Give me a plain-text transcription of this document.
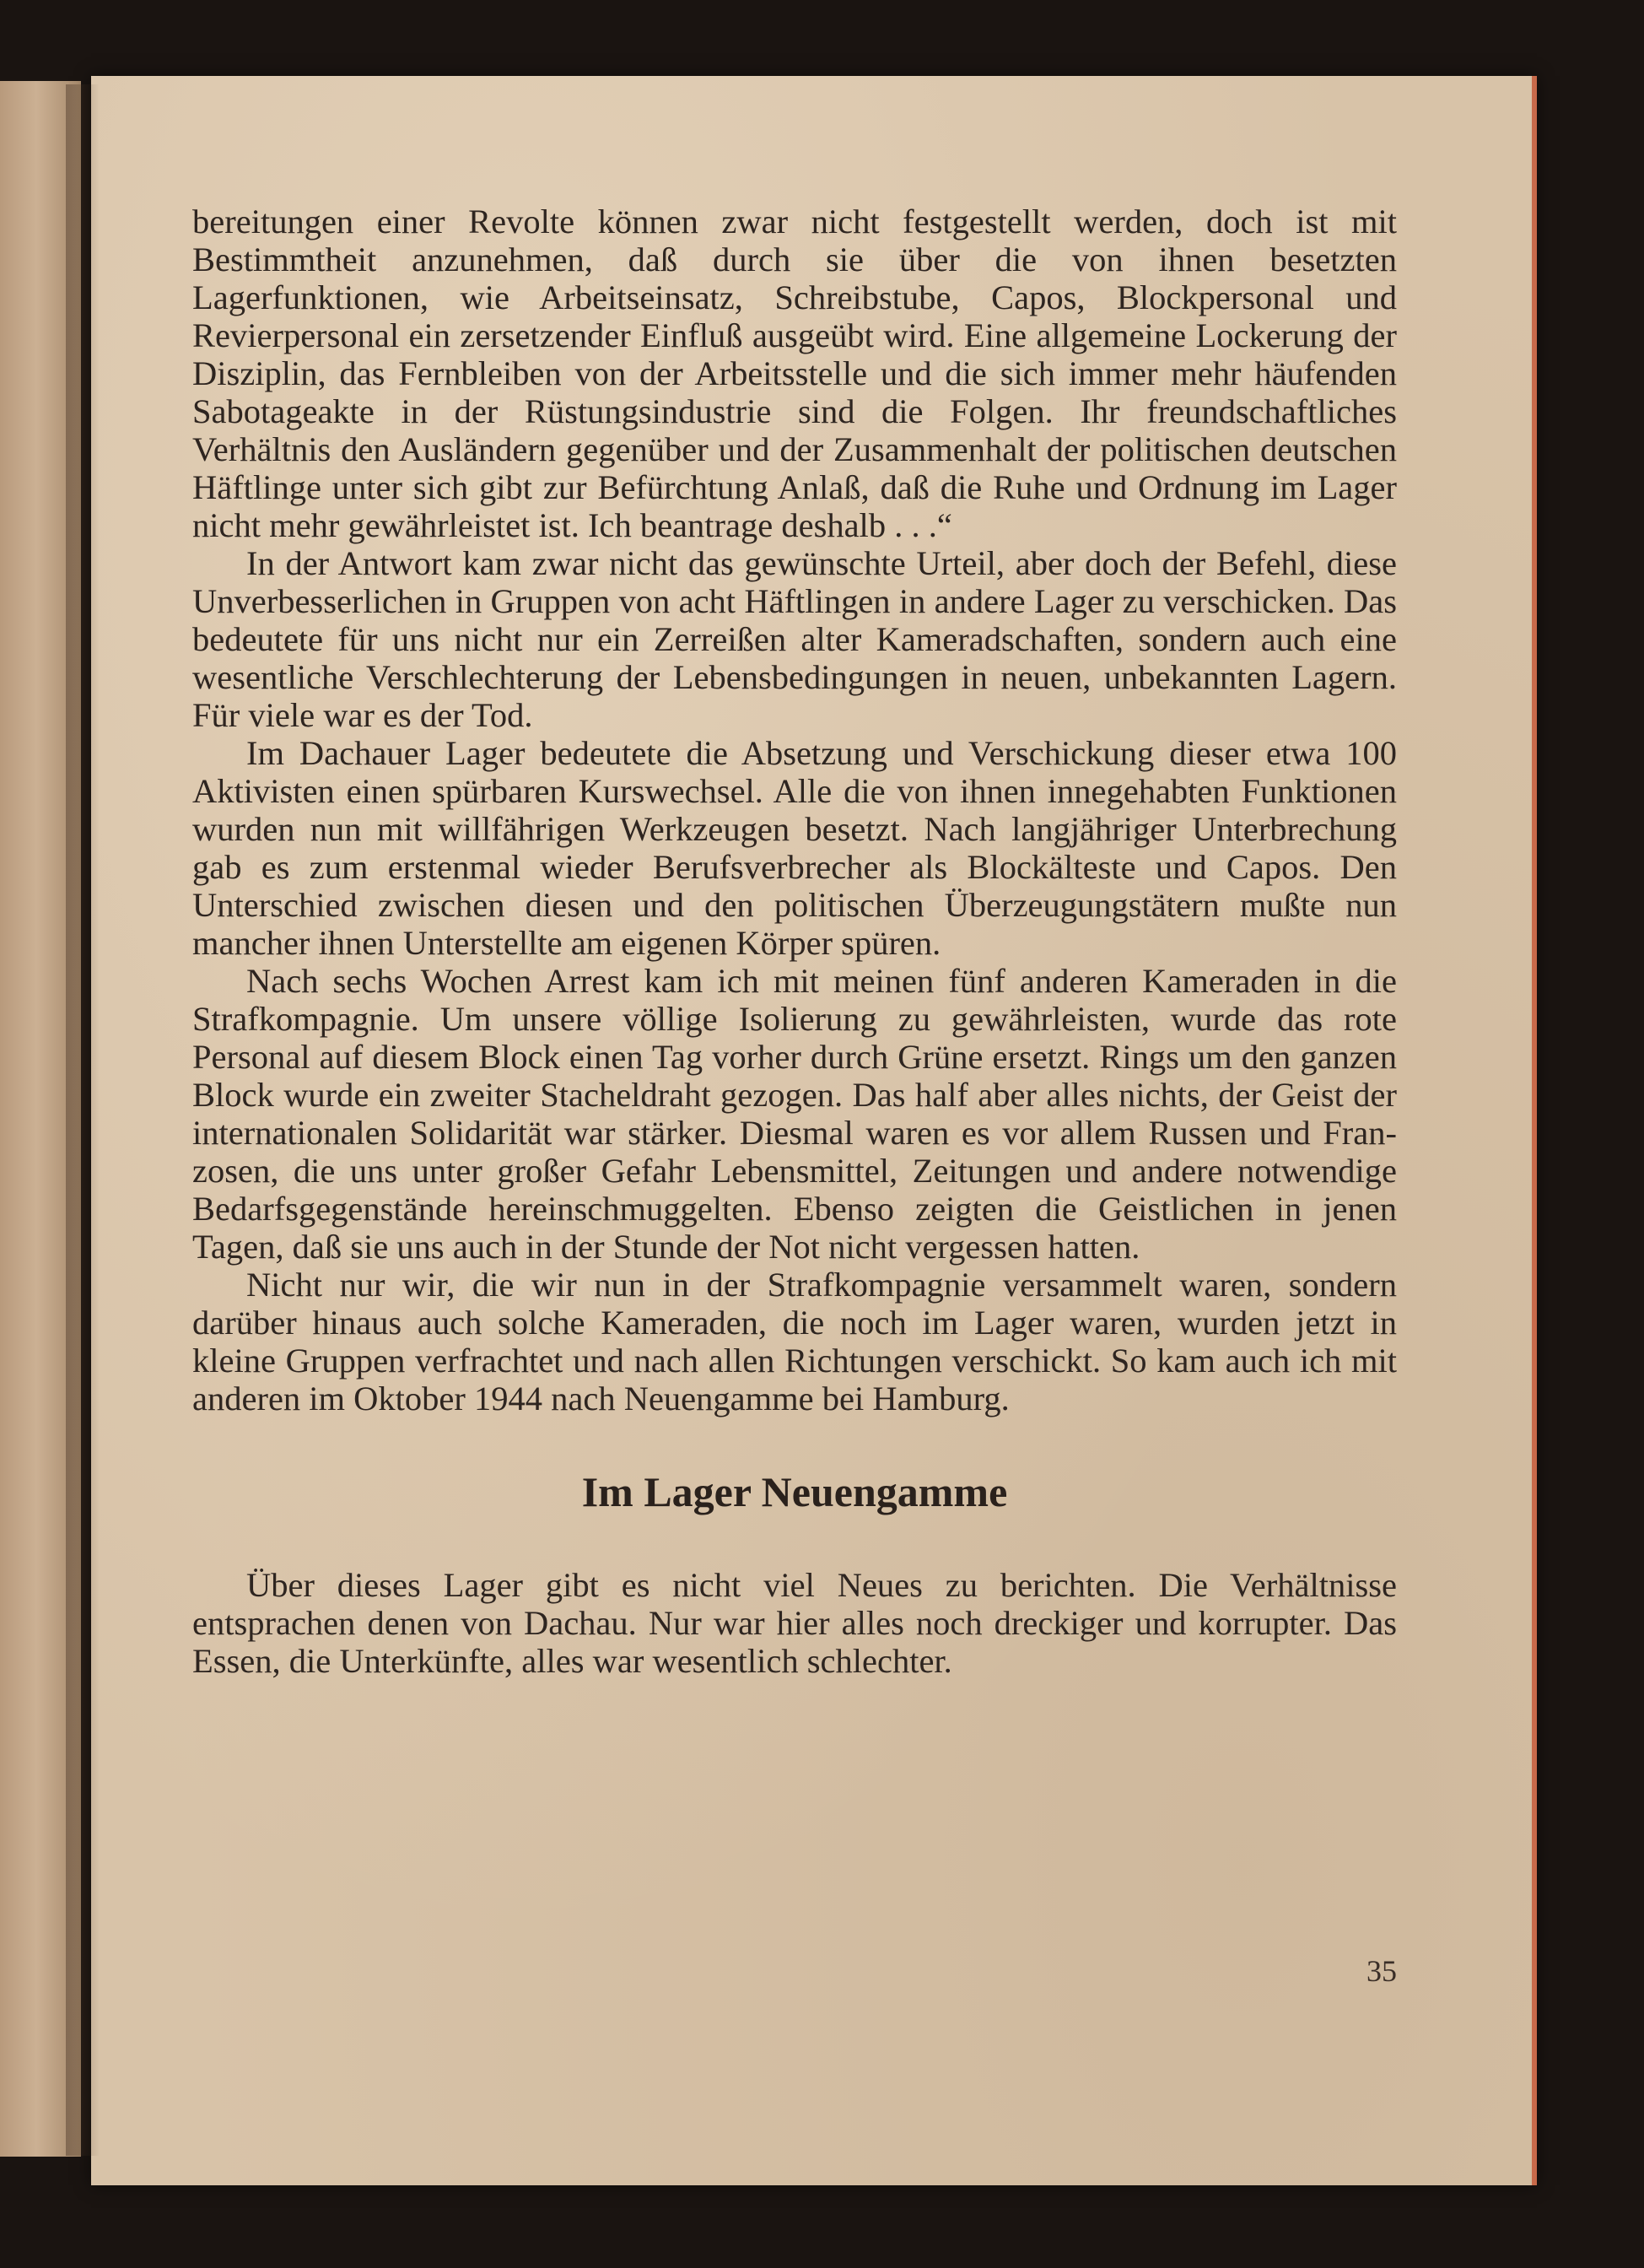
bereitungen einer Revolte können zwar nicht festgestellt werden, doch ist mit Bestimmtheit anzunehmen, daß durch sie über die von ihnen besetzten Lagerfunktionen, wie Arbeitseinsatz, Schreibstube, Capos, Blockpersonal und Revierpersonal ein zersetzender Einfluß ausgeübt wird. Eine allgemeine Lockerung der Disziplin, das Fernbleiben von der Arbeitsstelle und die sich immer mehr häufenden Sabotageakte in der Rüstungsindustrie sind die Folgen. Ihr freundschaftliches Verhältnis den Ausländern gegenüber und der Zusammenhalt der politischen deutschen Häftlinge unter sich gibt zur Befürchtung Anlaß, daß die Ruhe und Ordnung im Lager nicht mehr gewährleistet ist. Ich beantrage deshalb . . .“

In der Antwort kam zwar nicht das gewünschte Urteil, aber doch der Befehl, diese Unverbesserlichen in Gruppen von acht Häftlingen in andere Lager zu verschicken. Das bedeutete für uns nicht nur ein Zerreißen alter Kameradschaften, sondern auch eine wesentliche Verschlechterung der Lebensbedingungen in neuen, unbekannten Lagern. Für viele war es der Tod.

Im Dachauer Lager bedeutete die Absetzung und Verschickung dieser etwa 100 Aktivisten einen spürbaren Kurswechsel. Alle die von ihnen innegehabten Funktionen wurden nun mit willfährigen Werkzeugen besetzt. Nach langjähriger Unterbrechung gab es zum erstenmal wieder Berufsverbrecher als Blockälteste und Capos. Den Unterschied zwischen diesen und den politischen Überzeugungstätern mußte nun mancher ihnen Unterstellte am eigenen Körper spüren.

Nach sechs Wochen Arrest kam ich mit meinen fünf anderen Kameraden in die Strafkompagnie. Um unsere völlige Isolierung zu gewährleisten, wurde das rote Personal auf diesem Block einen Tag vorher durch Grüne ersetzt. Rings um den ganzen Block wurde ein zweiter Stacheldraht gezogen. Das half aber alles nichts, der Geist der internationalen Solidarität war stärker. Diesmal waren es vor allem Russen und Franzosen, die uns unter großer Gefahr Lebensmittel, Zeitungen und andere notwendige Bedarfsgegenstände hereinschmuggelten. Ebenso zeigten die Geistlichen in jenen Tagen, daß sie uns auch in der Stunde der Not nicht vergessen hatten.

Nicht nur wir, die wir nun in der Strafkompagnie versammelt waren, sondern darüber hinaus auch solche Kameraden, die noch im Lager waren, wurden jetzt in kleine Gruppen verfrachtet und nach allen Richtungen verschickt. So kam auch ich mit anderen im Oktober 1944 nach Neuengamme bei Hamburg.

Im Lager Neuengamme

Über dieses Lager gibt es nicht viel Neues zu berichten. Die Verhältnisse entsprachen denen von Dachau. Nur war hier alles noch dreckiger und korrupter. Das Essen, die Unterkünfte, alles war wesentlich schlechter.

35
